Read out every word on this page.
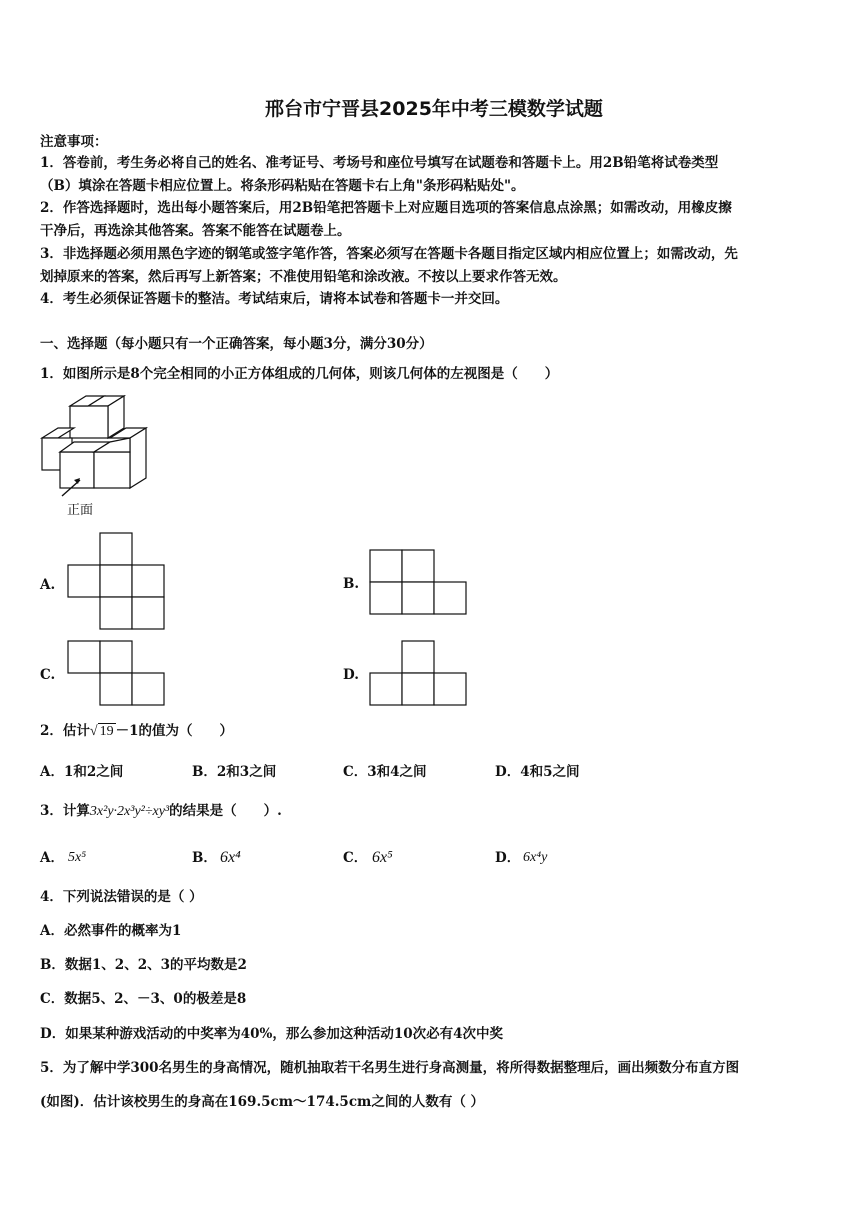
邢台市宁晋县2025年中考三模数学试题
注意事项：
1．答卷前，考生务必将自己的姓名、准考证号、考场号和座位号填写在试题卷和答题卡上。用2B铅笔将试卷类型
（B）填涂在答题卡相应位置上。将条形码粘贴在答题卡右上角"条形码粘贴处"。
2．作答选择题时，选出每小题答案后，用2B铅笔把答题卡上对应题目选项的答案信息点涂黑；如需改动，用橡皮擦
干净后，再选涂其他答案。答案不能答在试题卷上。
3．非选择题必须用黑色字迹的钢笔或签字笔作答，答案必须写在答题卡各题目指定区域内相应位置上；如需改动，先
划掉原来的答案，然后再写上新答案；不准使用铅笔和涂改液。不按以上要求作答无效。
4．考生必须保证答题卡的整洁。考试结束后，请将本试卷和答题卡一并交回。
一、选择题（每小题只有一个正确答案，每小题3分，满分30分）
1．如图所示是8个完全相同的小正方体组成的几何体，则该几何体的左视图是（　　）
正面
A.	B.
C.	D.
2．估计√ 19 －1的值为（　　）
A．1和2之间	B．2和3之间	C．3和4之间	D．4和5之间
3．计算3x²y·2x³y²÷xy³的结果是（　　）.
A． 5x⁵	B． 6x⁴	C． 6x⁵	D． 6x⁴y
4．下列说法错误的是（ ）
A．必然事件的概率为1
B．数据1、2、2、3的平均数是2
C．数据5、2、－3、0的极差是8
D．如果某种游戏活动的中奖率为40%，那么参加这种活动10次必有4次中奖
5．为了解中学300名男生的身高情况，随机抽取若干名男生进行身高测量，将所得数据整理后，画出频数分布直方图
(如图)．估计该校男生的身高在169.5cm～174.5cm之间的人数有（ ）
